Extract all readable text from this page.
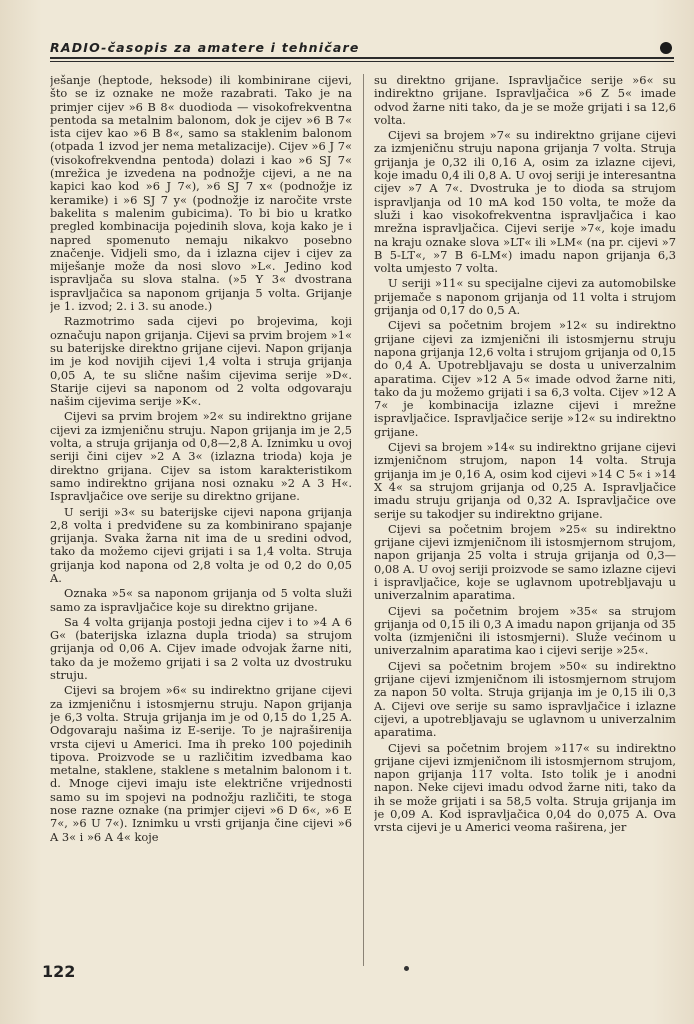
RADIO-časopis za amatere i tehničare

ješanje (heptode, heksode) ili kombinirane cijevi, što se iz oznake ne može razabrati. Tako je na primjer cijev »6 B 8« duodioda — visokofrekventna pentoda sa metalnim balonom, dok je cijev »6 B 7« ista cijev kao »6 B 8«, samo sa staklenim balonom (otpada 1 izvod jer nema metalizacije). Cijev »6 J 7« (visokofrekvendna pentoda) dolazi i kao »6 SJ 7« (mrežica je izvedena na podnožje cijevi, a ne na kapici kao kod »6 J 7«), »6 SJ 7 x« (podnožje iz keramike) i »6 SJ 7 y« (podnožje iz naročite vrste bakelita s malenim gubicima). To bi bio u kratko pregled kombinacija pojedinih slova, koja kako je i napred spomenuto nemaju nikakvo posebno značenje. Vidjeli smo, da i izlazna cijev i cijev za miješanje može da nosi slovo »L«. Jedino kod ispravljača su slova stalna. (»5 Y 3« dvostrana ispravljačica sa naponom grijanja 5 volta. Grijanje je 1. izvod; 2. i 3. su anode.)

Razmotrimo sada cijevi po brojevima, koji označuju napon grijanja. Cijevi sa prvim brojem »1« su baterijske direktno grijane cijevi. Napon grijanja im je kod novijih cijevi 1,4 volta i struja grijanja 0,05 A, te su slične našim cijevima serije »D«. Starije cijevi sa naponom od 2 volta odgovaraju našim cijevima serije »K«.

Cijevi sa prvim brojem »2« su indirektno grijane cijevi za izmjeničnu struju. Napon grijanja im je 2,5 volta, a struja grijanja od 0,8—2,8 A. Iznimku u ovoj seriji čini cijev »2 A 3« (izlazna trioda) koja je direktno grijana. Cijev sa istom karakteristikom samo indirektno grijana nosi oznaku »2 A 3 H«. Ispravljačice ove serije su direktno grijane.

U seriji »3« su baterijske cijevi napona grijanja 2,8 volta i predviđene su za kombinirano spajanje grijanja. Svaka žarna nit ima de u sredini odvod, tako da možemo cijevi grijati i sa 1,4 volta. Struja grijanja kod napona od 2,8 volta je od 0,2 do 0,05 A.

Oznaka »5« sa naponom grijanja od 5 volta služi samo za ispravljačice koje su direktno grijane.

Sa 4 volta grijanja postoji jedna cijev i to »4 A 6 G« (baterijska izlazna dupla trioda) sa strujom grijanja od 0,06 A. Cijev imade odvojak žarne niti, tako da je možemo grijati i sa 2 volta uz dvostruku struju.

Cijevi sa brojem »6« su indirektno grijane cijevi za izmjeničnu i istosmjernu struju. Napon grijanja je 6,3 volta. Struja grijanja im je od 0,15 do 1,25 A. Odgovaraju našima iz E-serije. To je najraširenija vrsta cijevi u Americi. Ima ih preko 100 pojedinih tipova. Proizvode se u različitim izvedbama kao metalne, staklene, staklene s metalnim balonom i t. d. Mnoge cijevi imaju iste električne vrijednosti samo su im spojevi na podnožju različiti, te stoga nose razne oznake (na primjer cijevi »6 D 6«, »6 E 7«, »6 U 7«). Iznimku u vrsti grijanja čine cijevi »6 A 3« i »6 A 4« koje

su direktno grijane. Ispravljačice serije »6« su indirektno grijane. Ispravljačica »6 Z 5« imade odvod žarne niti tako, da je se može grijati i sa 12,6 volta.

Cijevi sa brojem »7« su indirektno grijane cijevi za izmjeničnu struju napona grijanja 7 volta. Struja grijanja je 0,32 ili 0,16 A, osim za izlazne cijevi, koje imadu 0,4 ili 0,8 A. U ovoj seriji je interesantna cijev »7 A 7«. Dvostruka je to dioda sa strujom ispravljanja od 10 mA kod 150 volta, te može da služi i kao visokofrekventna ispravljačica i kao mrežna ispravljačica. Cijevi serije »7«, koje imadu na kraju oznake slova »LT« ili »LM« (na pr. cijevi »7 B 5-LT«, »7 B 6-LM«) imadu napon grijanja 6,3 volta umjesto 7 volta.

U seriji »11« su specijalne cijevi za automobilske prijemače s naponom grijanja od 11 volta i strujom grijanja od 0,17 do 0,5 A.

Cijevi sa početnim brojem »12« su indirektno grijane cijevi za izmjenični ili istosmjernu struju napona grijanja 12,6 volta i strujom grijanja od 0,15 do 0,4 A. Upotrebljavaju se dosta u univerzalnim aparatima. Cijev »12 A 5« imade odvod žarne niti, tako da ju možemo grijati i sa 6,3 volta. Cijev »12 A 7« je kombinacija izlazne cijevi i mrežne ispravljačice. Ispravljačice serije »12« su indirektno grijane.

Cijevi sa brojem »14« su indirektno grijane cijevi izmjeničnom strujom, napon 14 volta. Struja grijanja im je 0,16 A, osim kod cijevi »14 C 5« i »14 X 4« sa strujom grijanja od 0,25 A. Ispravljačice imadu struju grijanja od 0,32 A. Ispravljačice ove serije su takodjer su indirektno grijane.

Cijevi sa početnim brojem »25« su indirektno grijane cijevi izmjeničnom ili istosmjernom strujom, napon grijanja 25 volta i struja grijanja od 0,3—0,08 A. U ovoj seriji proizvode se samo izlazne cijevi i ispravljačice, koje se uglavnom upotrebljavaju u univerzalnim aparatima.

Cijevi sa početnim brojem »35« sa strujom grijanja od 0,15 ili 0,3 A imadu napon grijanja od 35 volta (izmjenični ili istosmjerni). Služe većinom u univerzalnim aparatima kao i cijevi serije »25«.

Cijevi sa početnim brojem »50« su indirektno grijane cijevi izmjeničnom ili istosmjernom strujom za napon 50 volta. Struja grijanja im je 0,15 ili 0,3 A. Cijevi ove serije su samo ispravljačice i izlazne cijevi, a upotrebljavaju se uglavnom u univerzalnim aparatima.

Cijevi sa početnim brojem »117« su indirektno grijane cijevi izmjeničnom ili istosmjernom strujom, napon grijanja 117 volta. Isto tolik je i anodni napon. Neke cijevi imadu odvod žarne niti, tako da ih se može grijati i sa 58,5 volta. Struja grijanja im je 0,09 A. Kod ispravljačica 0,04 do 0,075 A. Ova vrsta cijevi je u Americi veoma raširena, jer

122
